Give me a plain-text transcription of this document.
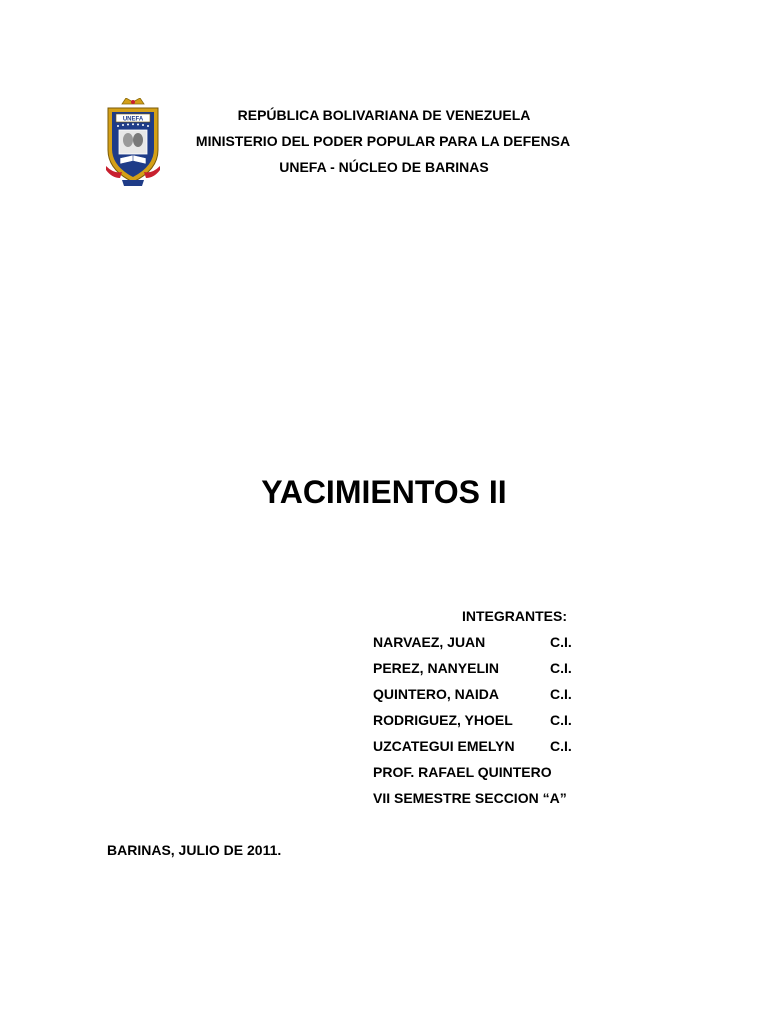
UNEFA	REPÚBLICA BOLIVARIANA DE VENEZUELA
MINISTERIO DEL PODER POPULAR PARA LA DEFENSA
UNEFA - NÚCLEO DE BARINAS
YACIMIENTOS II
INTEGRANTES:
NARVAEZ, JUAN	C.I.
PEREZ, NANYELIN	C.I.
QUINTERO, NAIDA	C.I.
RODRIGUEZ, YHOEL	C.I.
UZCATEGUI EMELYN	C.I.
PROF. RAFAEL QUINTERO
VII SEMESTRE SECCION “A”
BARINAS, JULIO DE 2011.
